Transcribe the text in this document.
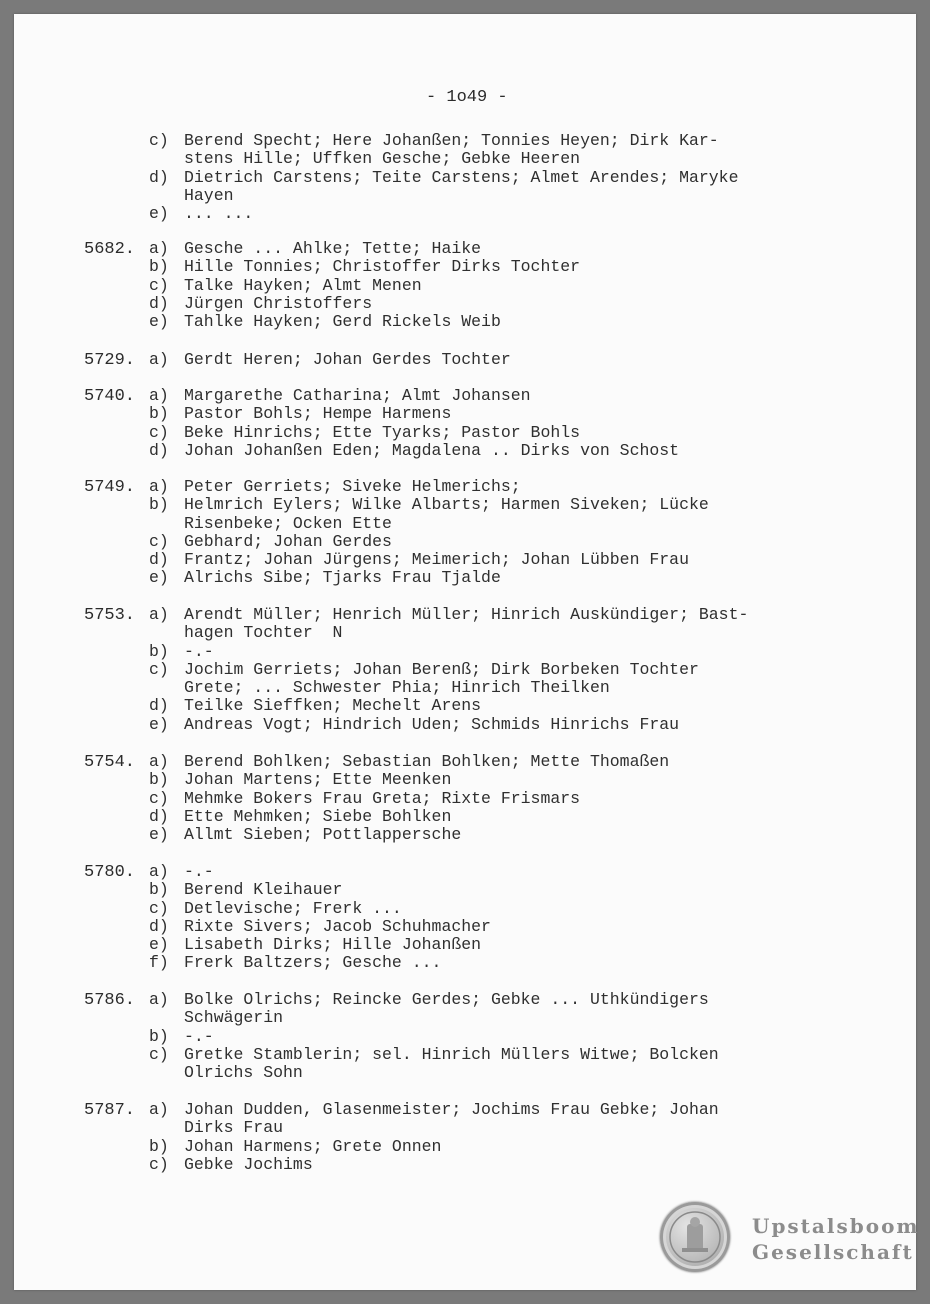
- 1o49 -
c) Berend Specht; Here Johanßen; Tonnies Heyen; Dirk Kar-
stens Hille; Uffken Gesche; Gebke Heeren
d) Dietrich Carstens; Teite Carstens; Almet Arendes; Maryke
Hayen
e) ... ...
5682. a) Gesche ... Ahlke; Tette; Haike
b) Hille Tonnies; Christoffer Dirks Tochter
c) Talke Hayken; Almt Menen
d) Jürgen Christoffers
e) Tahlke Hayken; Gerd Rickels Weib
5729. a) Gerdt Heren; Johan Gerdes Tochter
5740. a) Margarethe Catharina; Almt Johansen
b) Pastor Bohls; Hempe Harmens
c) Beke Hinrichs; Ette Tyarks; Pastor Bohls
d) Johan Johanßen Eden; Magdalena .. Dirks von Schost
5749. a) Peter Gerriets; Siveke Helmerichs;
b) Helmrich Eylers; Wilke Albarts; Harmen Siveken; Lücke
Risenbeke; Ocken Ette
c) Gebhard; Johan Gerdes
d) Frantz; Johan Jürgens; Meimerich; Johan Lübben Frau
e) Alrichs Sibe; Tjarks Frau Tjalde
5753. a) Arendt Müller; Henrich Müller; Hinrich Auskündiger; Bast-
hagen Tochter  N
b) -.-
c) Jochim Gerriets; Johan Berenß; Dirk Borbeken Tochter
Grete; ... Schwester Phia; Hinrich Theilken
d) Teilke Sieffken; Mechelt Arens
e) Andreas Vogt; Hindrich Uden; Schmids Hinrichs Frau
5754. a) Berend Bohlken; Sebastian Bohlken; Mette Thomaßen
b) Johan Martens; Ette Meenken
c) Mehmke Bokers Frau Greta; Rixte Frismars
d) Ette Mehmken; Siebe Bohlken
e) Allmt Sieben; Pottlappersche
5780. a) -.-
b) Berend Kleihauer
c) Detlevische; Frerk ...
d) Rixte Sivers; Jacob Schuhmacher
e) Lisabeth Dirks; Hille Johanßen
f) Frerk Baltzers; Gesche ...
5786. a) Bolke Olrichs; Reincke Gerdes; Gebke ... Uthkündigers
Schwägerin
b) -.-
c) Gretke Stamblerin; sel. Hinrich Müllers Witwe; Bolcken
Olrichs Sohn
5787. a) Johan Dudden, Glasenmeister; Jochims Frau Gebke; Johan
Dirks Frau
b) Johan Harmens; Grete Onnen
c) Gebke Jochims
Upstalsboom
Gesellschaft
